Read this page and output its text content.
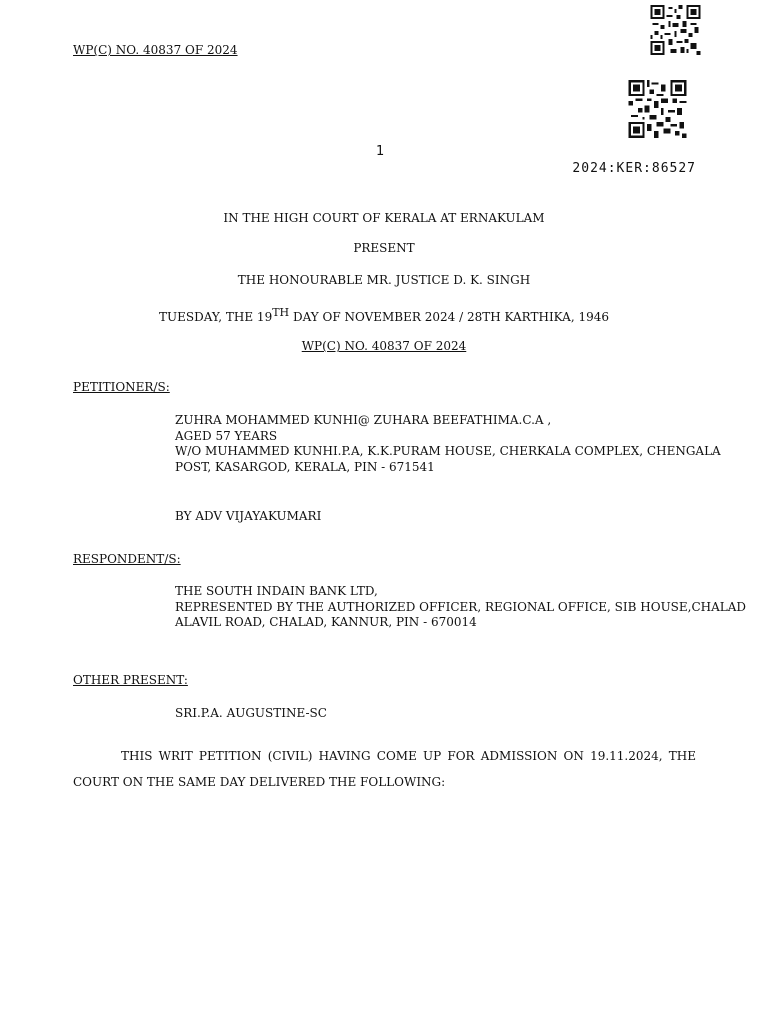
WP(C) NO. 40837 OF 2024
1
2024:KER:86527
IN THE HIGH COURT OF KERALA AT ERNAKULAM
PRESENT
THE HONOURABLE MR. JUSTICE D. K. SINGH
TUESDAY, THE 19TH DAY OF NOVEMBER 2024 / 28TH KARTHIKA, 1946
WP(C) NO. 40837 OF 2024
PETITIONER/S:
ZUHRA MOHAMMED KUNHI@ ZUHARA BEEFATHIMA.C.A ,
AGED 57 YEARS
W/O MUHAMMED KUNHI.P.A, K.K.PURAM HOUSE, CHERKALA COMPLEX, CHENGALA
POST, KASARGOD, KERALA, PIN - 671541
BY ADV VIJAYAKUMARI
RESPONDENT/S:
THE SOUTH INDAIN BANK LTD,
REPRESENTED BY THE AUTHORIZED OFFICER, REGIONAL OFFICE, SIB HOUSE,CHALAD
ALAVIL ROAD, CHALAD, KANNUR, PIN - 670014
OTHER PRESENT:
SRI.P.A. AUGUSTINE-SC
THIS WRIT PETITION (CIVIL) HAVING COME UP FOR ADMISSION ON 19.11.2024, THE COURT ON THE SAME DAY DELIVERED THE FOLLOWING:
